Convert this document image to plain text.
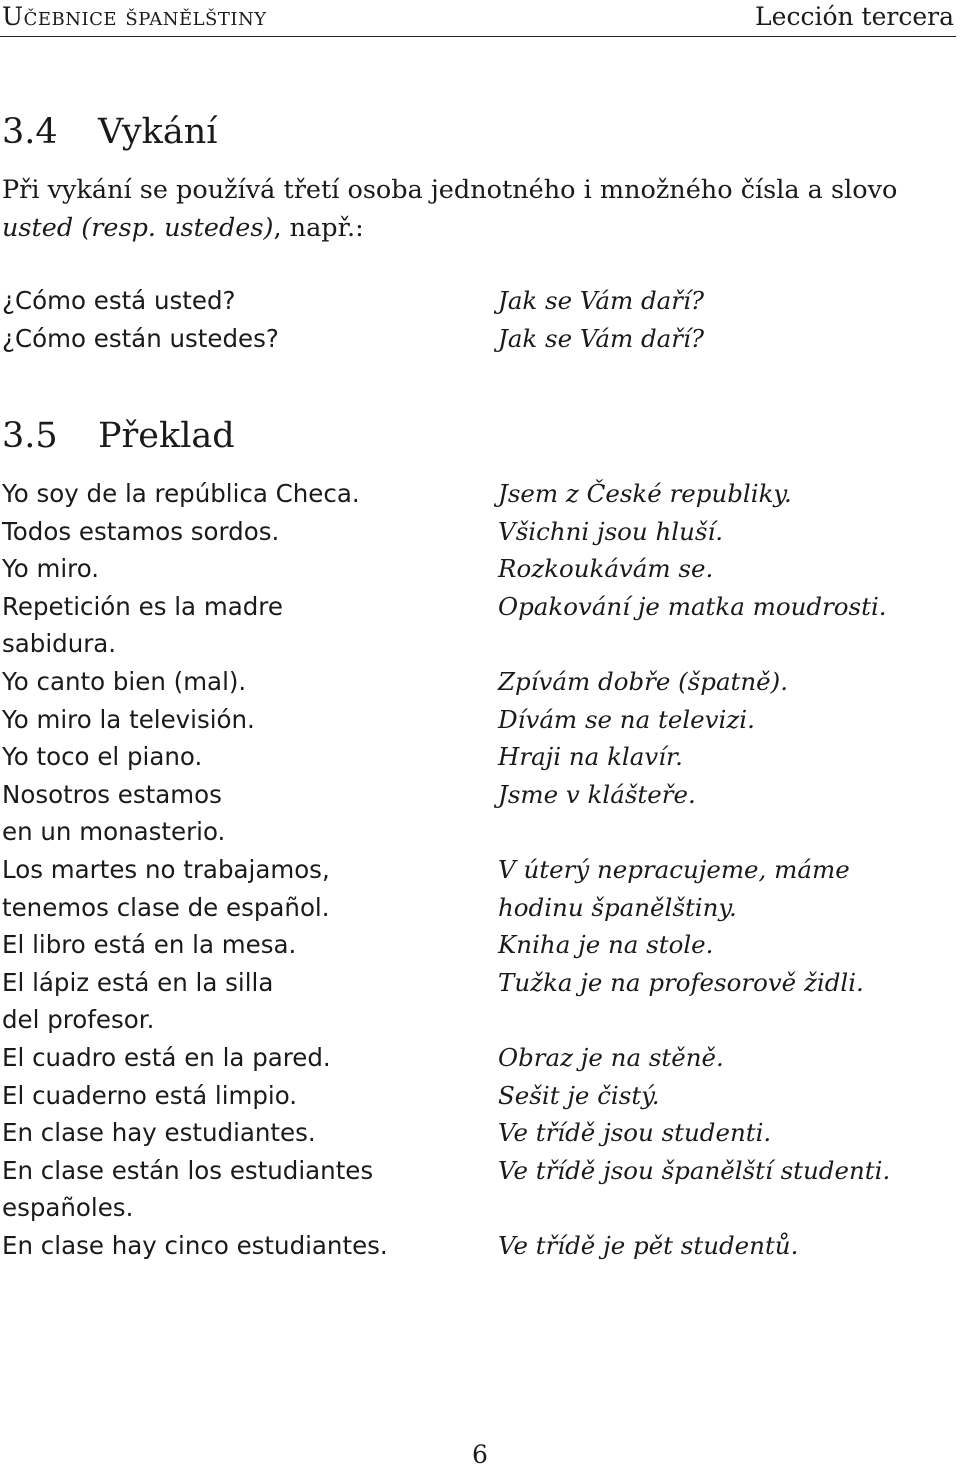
Učebnice španělštiny	Lección tercera
3.4 Vykání

Při vykání se používá třetí osoba jednotného i množného čísla a slovo usted (resp. ustedes), např.:

¿Cómo está usted?	Jak se Vám daří?
¿Cómo están ustedes?	Jak se Vám daří?
3.5 Překlad
Yo soy de la república Checa.	Jsem z České republiky.
Todos estamos sordos.	Všichni jsou hluší.
Yo miro.	Rozkoukávám se.
Repetición es la madre	Opakování je matka moudrosti.
sabidura.
Yo canto bien (mal).	Zpívám dobře (špatně).
Yo miro la televisión.	Dívám se na televizi.
Yo toco el piano.	Hraji na klavír.
Nosotros estamos	Jsme v klášteře.
en un monasterio.
Los martes no trabajamos,	V úterý nepracujeme, máme
tenemos clase de español.	hodinu španělštiny.
El libro está en la mesa.	Kniha je na stole.
El lápiz está en la silla	Tužka je na profesorově židli.
del profesor.
El cuadro está en la pared.	Obraz je na stěně.
El cuaderno está limpio.	Sešit je čistý.
En clase hay estudiantes.	Ve třídě jsou studenti.
En clase están los estudiantes	Ve třídě jsou španělští studenti.
españoles.
En clase hay cinco estudiantes.	Ve třídě je pět studentů.
6
